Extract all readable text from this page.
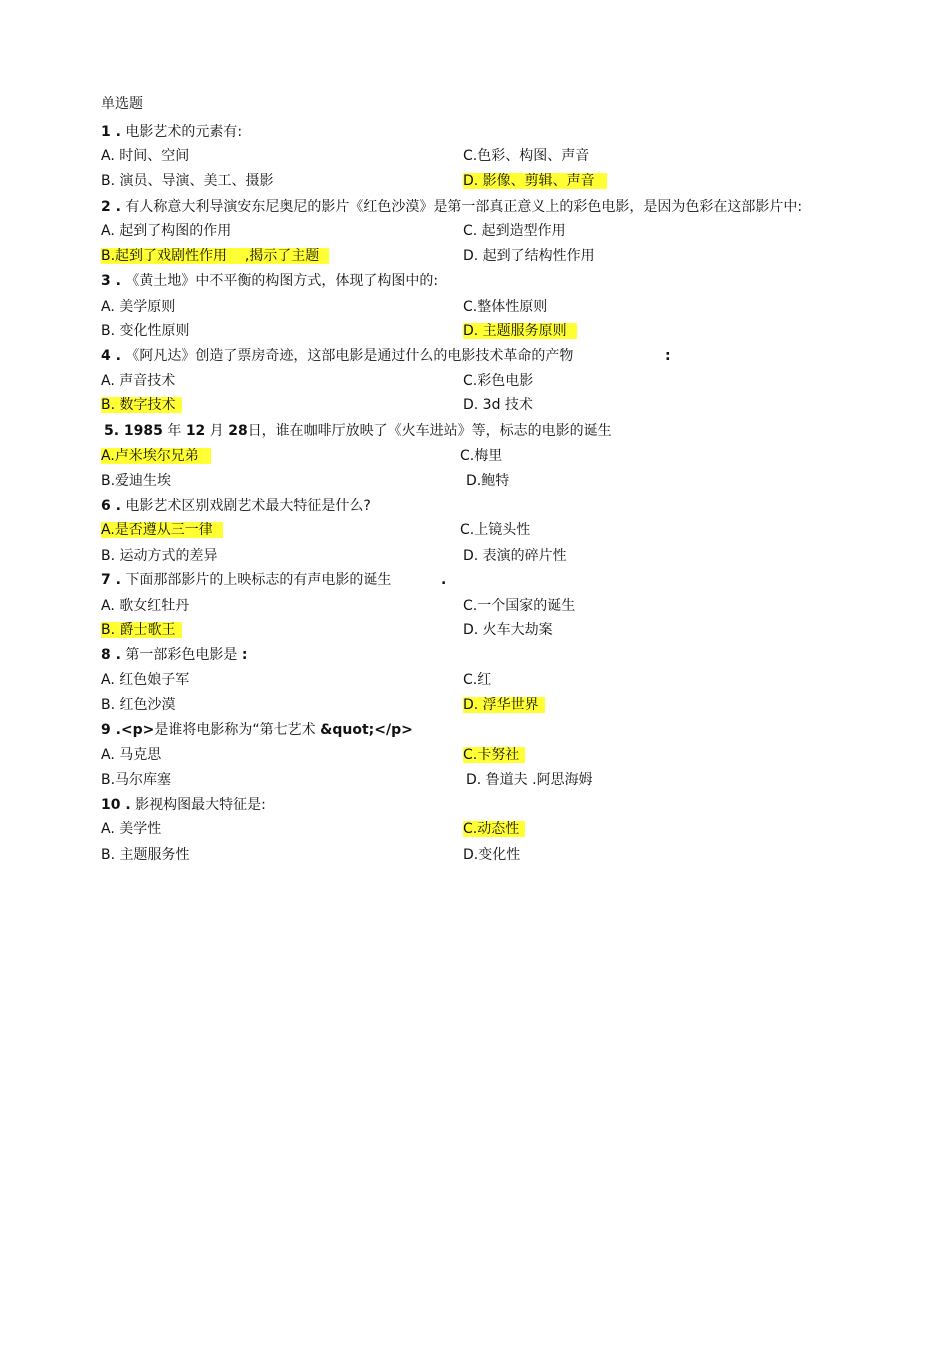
单选题
1 . 电影艺术的元素有:
A. 时间、空间	C.色彩、构图、声音
B. 演员、导演、美工、摄影	D. 影像、剪辑、声音
2 . 有人称意大利导演安东尼奥尼的影片《红色沙漠》是第一部真正意义上的彩色电影，是因为色彩在这部影片中:
A. 起到了构图的作用	C. 起到造型作用
B.起到了戏剧性作用    ,揭示了主题	D. 起到了结构性作用
3 . 《黄土地》中不平衡的构图方式，体现了构图中的:
A. 美学原则	C.整体性原则
B. 变化性原则	D. 主题服务原则
4 . 《阿凡达》创造了票房奇迹，这部电影是通过什么的电影技术革命的产物	:
A. 声音技术	C.彩色电影
B. 数字技术	D. 3d 技术
5. 1985 年 12 月 28日，谁在咖啡厅放映了《火车进站》等，标志的电影的诞生
A.卢米埃尔兄弟	C.梅里
B.爱迪生埃	D.鲍特
6 . 电影艺术区别戏剧艺术最大特征是什么?
A.是否遵从三一律	C.上镜头性
B. 运动方式的差异	D. 表演的碎片性
7 . 下面那部影片的上映标志的有声电影的诞生	.
A. 歌女红牡丹	C.一个国家的诞生
B. 爵士歌王	D. 火车大劫案
8 . 第一部彩色电影是 :
A. 红色娘子军	C.红
B. 红色沙漠	D. 浮华世界
9 .<p>是谁将电影称为“第七艺术 &quot;</p>
A. 马克思	C.卡努社
B.马尔库塞	D. 鲁道夫 .阿思海姆
10 . 影视构图最大特征是:
A. 美学性	C.动态性
B. 主题服务性	D.变化性
